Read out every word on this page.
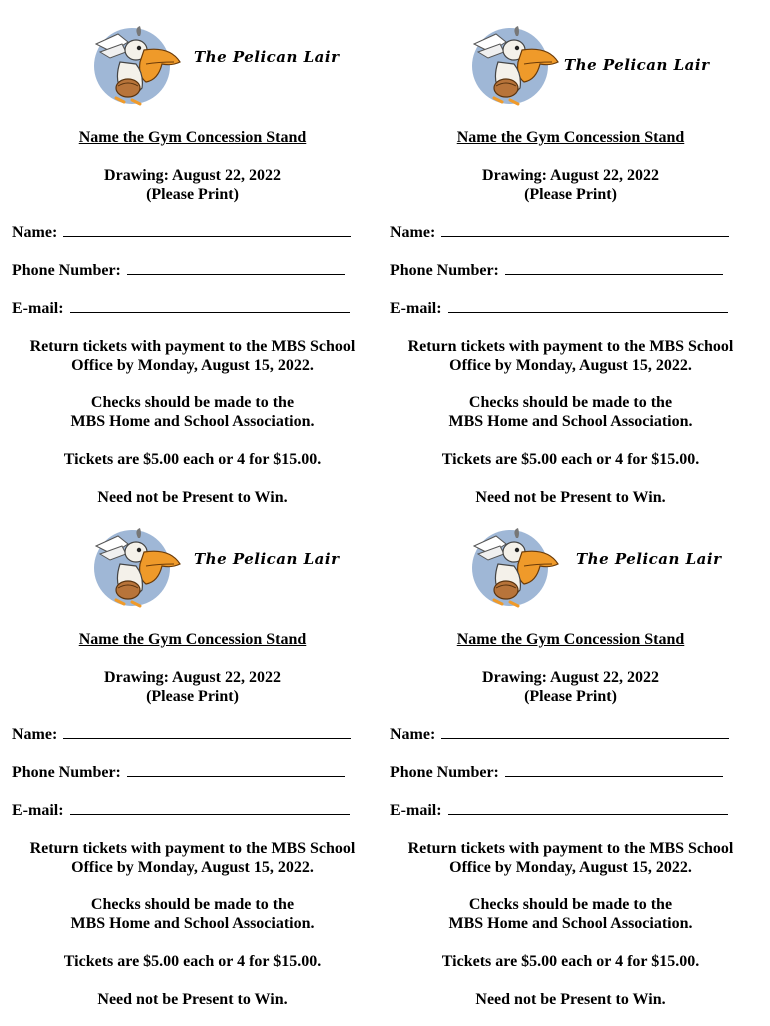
The Pelican Lair
Name the Gym Concession Stand
Drawing: August 22, 2022
(Please Print)
Name:
Phone Number:
E-mail:
Return tickets with payment to the MBS School
Office by Monday, August 15, 2022.
Checks should be made to the
MBS Home and School Association.
Tickets are $5.00 each or 4 for $15.00.
Need not be Present to Win.
The Pelican Lair
Name the Gym Concession Stand
Drawing: August 22, 2022
(Please Print)
Name:
Phone Number:
E-mail:
Return tickets with payment to the MBS School
Office by Monday, August 15, 2022.
Checks should be made to the
MBS Home and School Association.
Tickets are $5.00 each or 4 for $15.00.
Need not be Present to Win.
The Pelican Lair
Name the Gym Concession Stand
Drawing: August 22, 2022
(Please Print)
Name:
Phone Number:
E-mail:
Return tickets with payment to the MBS School
Office by Monday, August 15, 2022.
Checks should be made to the
MBS Home and School Association.
Tickets are $5.00 each or 4 for $15.00.
Need not be Present to Win.
The Pelican Lair
Name the Gym Concession Stand
Drawing: August 22, 2022
(Please Print)
Name:
Phone Number:
E-mail:
Return tickets with payment to the MBS School
Office by Monday, August 15, 2022.
Checks should be made to the
MBS Home and School Association.
Tickets are $5.00 each or 4 for $15.00.
Need not be Present to Win.
